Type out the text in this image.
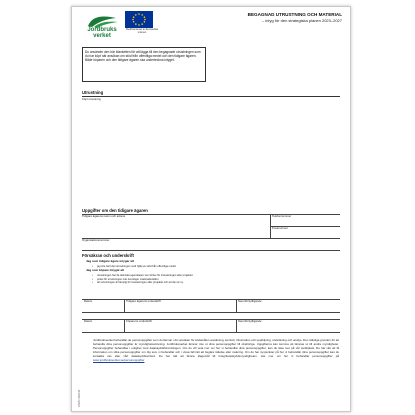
Jordbruks
verket
Medfinansieras av Europeiska unionen
BEGAGNAD UTRUSTNING OCH MATERIAL
– intyg för den strategiska planen 2023–2027
Du använder den här blanketten för att lägga till den begagnade utrustningen som du har köpt när ansökan om stöd från offentliga medel och den tidigare ägaren. Både köparen och den tidigare ägaren ska underteckna intyget.
Utrustning
Köpt utrustning
Uppgifter om den tidigare ägaren
Tidigare ägarens namn och adress	Telefonnummer
Postnummer
Organisationsnummer
Försäkran och underskrift
Jag som tidigare ägare intygar att
• jag inte har köpt utrustningen med hjälp av stöd från offentliga medel.
Jag som köpare intygar att
• utrustningen har de tekniska egenskaper som krävs för investeringen eller projektet
• priset för utrustningen inte överstiger marknadsvärdet
• att utrustningen är lämplig för investeringen eller projektet och att den är ny.
Datum	Tidigare ägarens underskrift	Namnförtydligande
Datum	Köparens underskrift	Namnförtydligande
Jordbruksverket behandlar de personuppgifter som du lämnar i din ansökan för ändamålen ansökning, kontroll, information och uppföljning, utvärdering och analys. Den rättsliga grunden för att behandla dina personuppgifter är myndighetsutövning. Jordbruksverket lämnar inte ut dina personuppgifter till obehöriga. Uppgifterna kan komma att lämnas ut till andra myndigheter. Personuppgifter behandlas i enlighet med dataskyddsförordningen. Om du vill veta mer om hur vi behandlar dina personuppgifter, kan du läsa mer på vår webbplats. Du har rätt att få information om vilka personuppgifter om dig som vi behandlar och i vissa fall rätt att begära rättelse eller radering. Om du har synpunkter på hur vi behandlar dina personuppgifter kan du kontakta oss eller vårt dataskyddsombud. Du har rätt att lämna klagomål till Integritetsskyddsmyndigheten. Läs mer om hur vi behandlar personuppgifter på www.jordbruksverket.se/personuppgifter
JBV/Fr 2023-01
